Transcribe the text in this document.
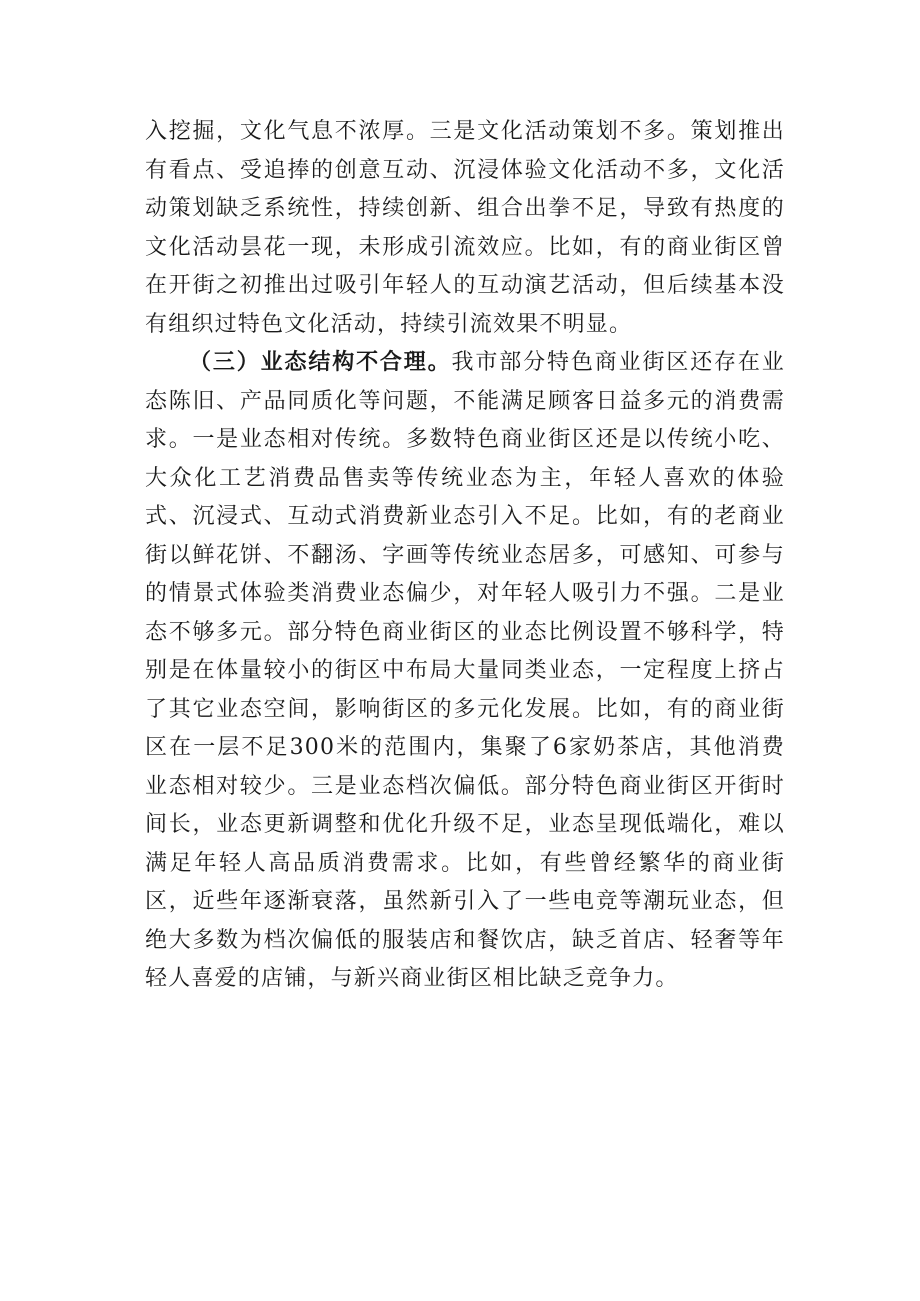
入挖掘，文化气息不浓厚。三是文化活动策划不多。策划推出有看点、受追捧的创意互动、沉浸体验文化活动不多，文化活动策划缺乏系统性，持续创新、组合出拳不足，导致有热度的文化活动昙花一现，未形成引流效应。比如，有的商业街区曾在开街之初推出过吸引年轻人的互动演艺活动，但后续基本没有组织过特色文化活动，持续引流效果不明显。

（三）业态结构不合理。我市部分特色商业街区还存在业态陈旧、产品同质化等问题，不能满足顾客日益多元的消费需求。一是业态相对传统。多数特色商业街区还是以传统小吃、大众化工艺消费品售卖等传统业态为主，年轻人喜欢的体验式、沉浸式、互动式消费新业态引入不足。比如，有的老商业街以鲜花饼、不翻汤、字画等传统业态居多，可感知、可参与的情景式体验类消费业态偏少，对年轻人吸引力不强。二是业态不够多元。部分特色商业街区的业态比例设置不够科学，特别是在体量较小的街区中布局大量同类业态，一定程度上挤占了其它业态空间，影响街区的多元化发展。比如，有的商业街区在一层不足300米的范围内，集聚了6家奶茶店，其他消费业态相对较少。三是业态档次偏低。部分特色商业街区开街时间长，业态更新调整和优化升级不足，业态呈现低端化，难以满足年轻人高品质消费需求。比如，有些曾经繁华的商业街区，近些年逐渐衰落，虽然新引入了一些电竞等潮玩业态，但绝大多数为档次偏低的服装店和餐饮店，缺乏首店、轻奢等年轻人喜爱的店铺，与新兴商业街区相比缺乏竞争力。
